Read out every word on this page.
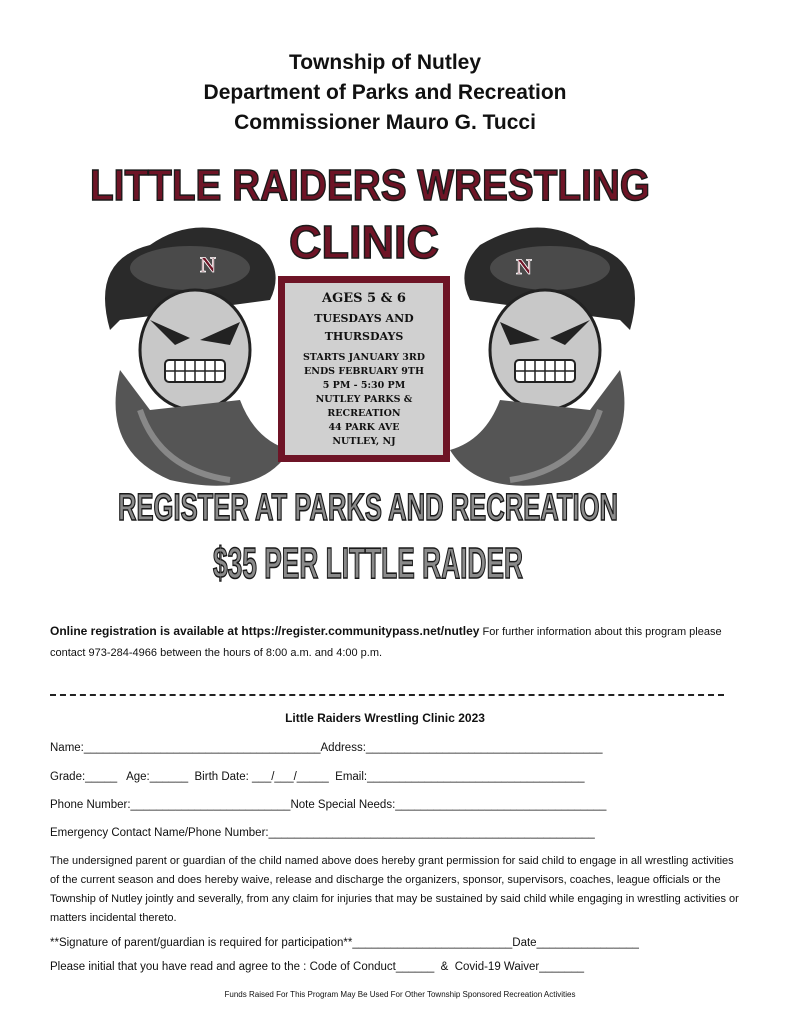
Township of Nutley
Department of Parks and Recreation
Commissioner Mauro G. Tucci
LITTLE RAIDERS WRESTLING
CLINIC
N	N
AGES 5 & 6
TUESDAYS AND
THURSDAYS
STARTS JANUARY 3RD
ENDS FEBRUARY 9TH
5 PM - 5:30 PM
NUTLEY PARKS &
RECREATION
44 PARK AVE
NUTLEY, NJ
REGISTER AT PARKS AND RECREATION
$35 PER LITTLE RAIDER
Online registration is available at https://register.communitypass.net/nutley For further information about this program please contact 973-284-4966 between the hours of 8:00 a.m. and 4:00 p.m.
Little Raiders Wrestling Clinic 2023
Name:_____________________________________Address:_____________________________________
Grade:_____   Age:______  Birth Date: ___/___/_____  Email:__________________________________
Phone Number:_________________________Note Special Needs:_________________________________
Emergency Contact Name/Phone Number:___________________________________________________
The undersigned parent or guardian of the child named above does hereby grant permission for said child to engage in all wrestling activities of the current season and does hereby waive, release and discharge the organizers, sponsor, supervisors, coaches, league officials or the Township of Nutley jointly and severally, from any claim for injuries that may be sustained by said child while engaging in wrestling activities or matters incidental thereto.
**Signature of parent/guardian is required for participation**_________________________Date________________
Please initial that you have read and agree to the : Code of Conduct______  &  Covid-19 Waiver_______
Funds Raised For This Program May Be Used For Other Township Sponsored Recreation Activities
